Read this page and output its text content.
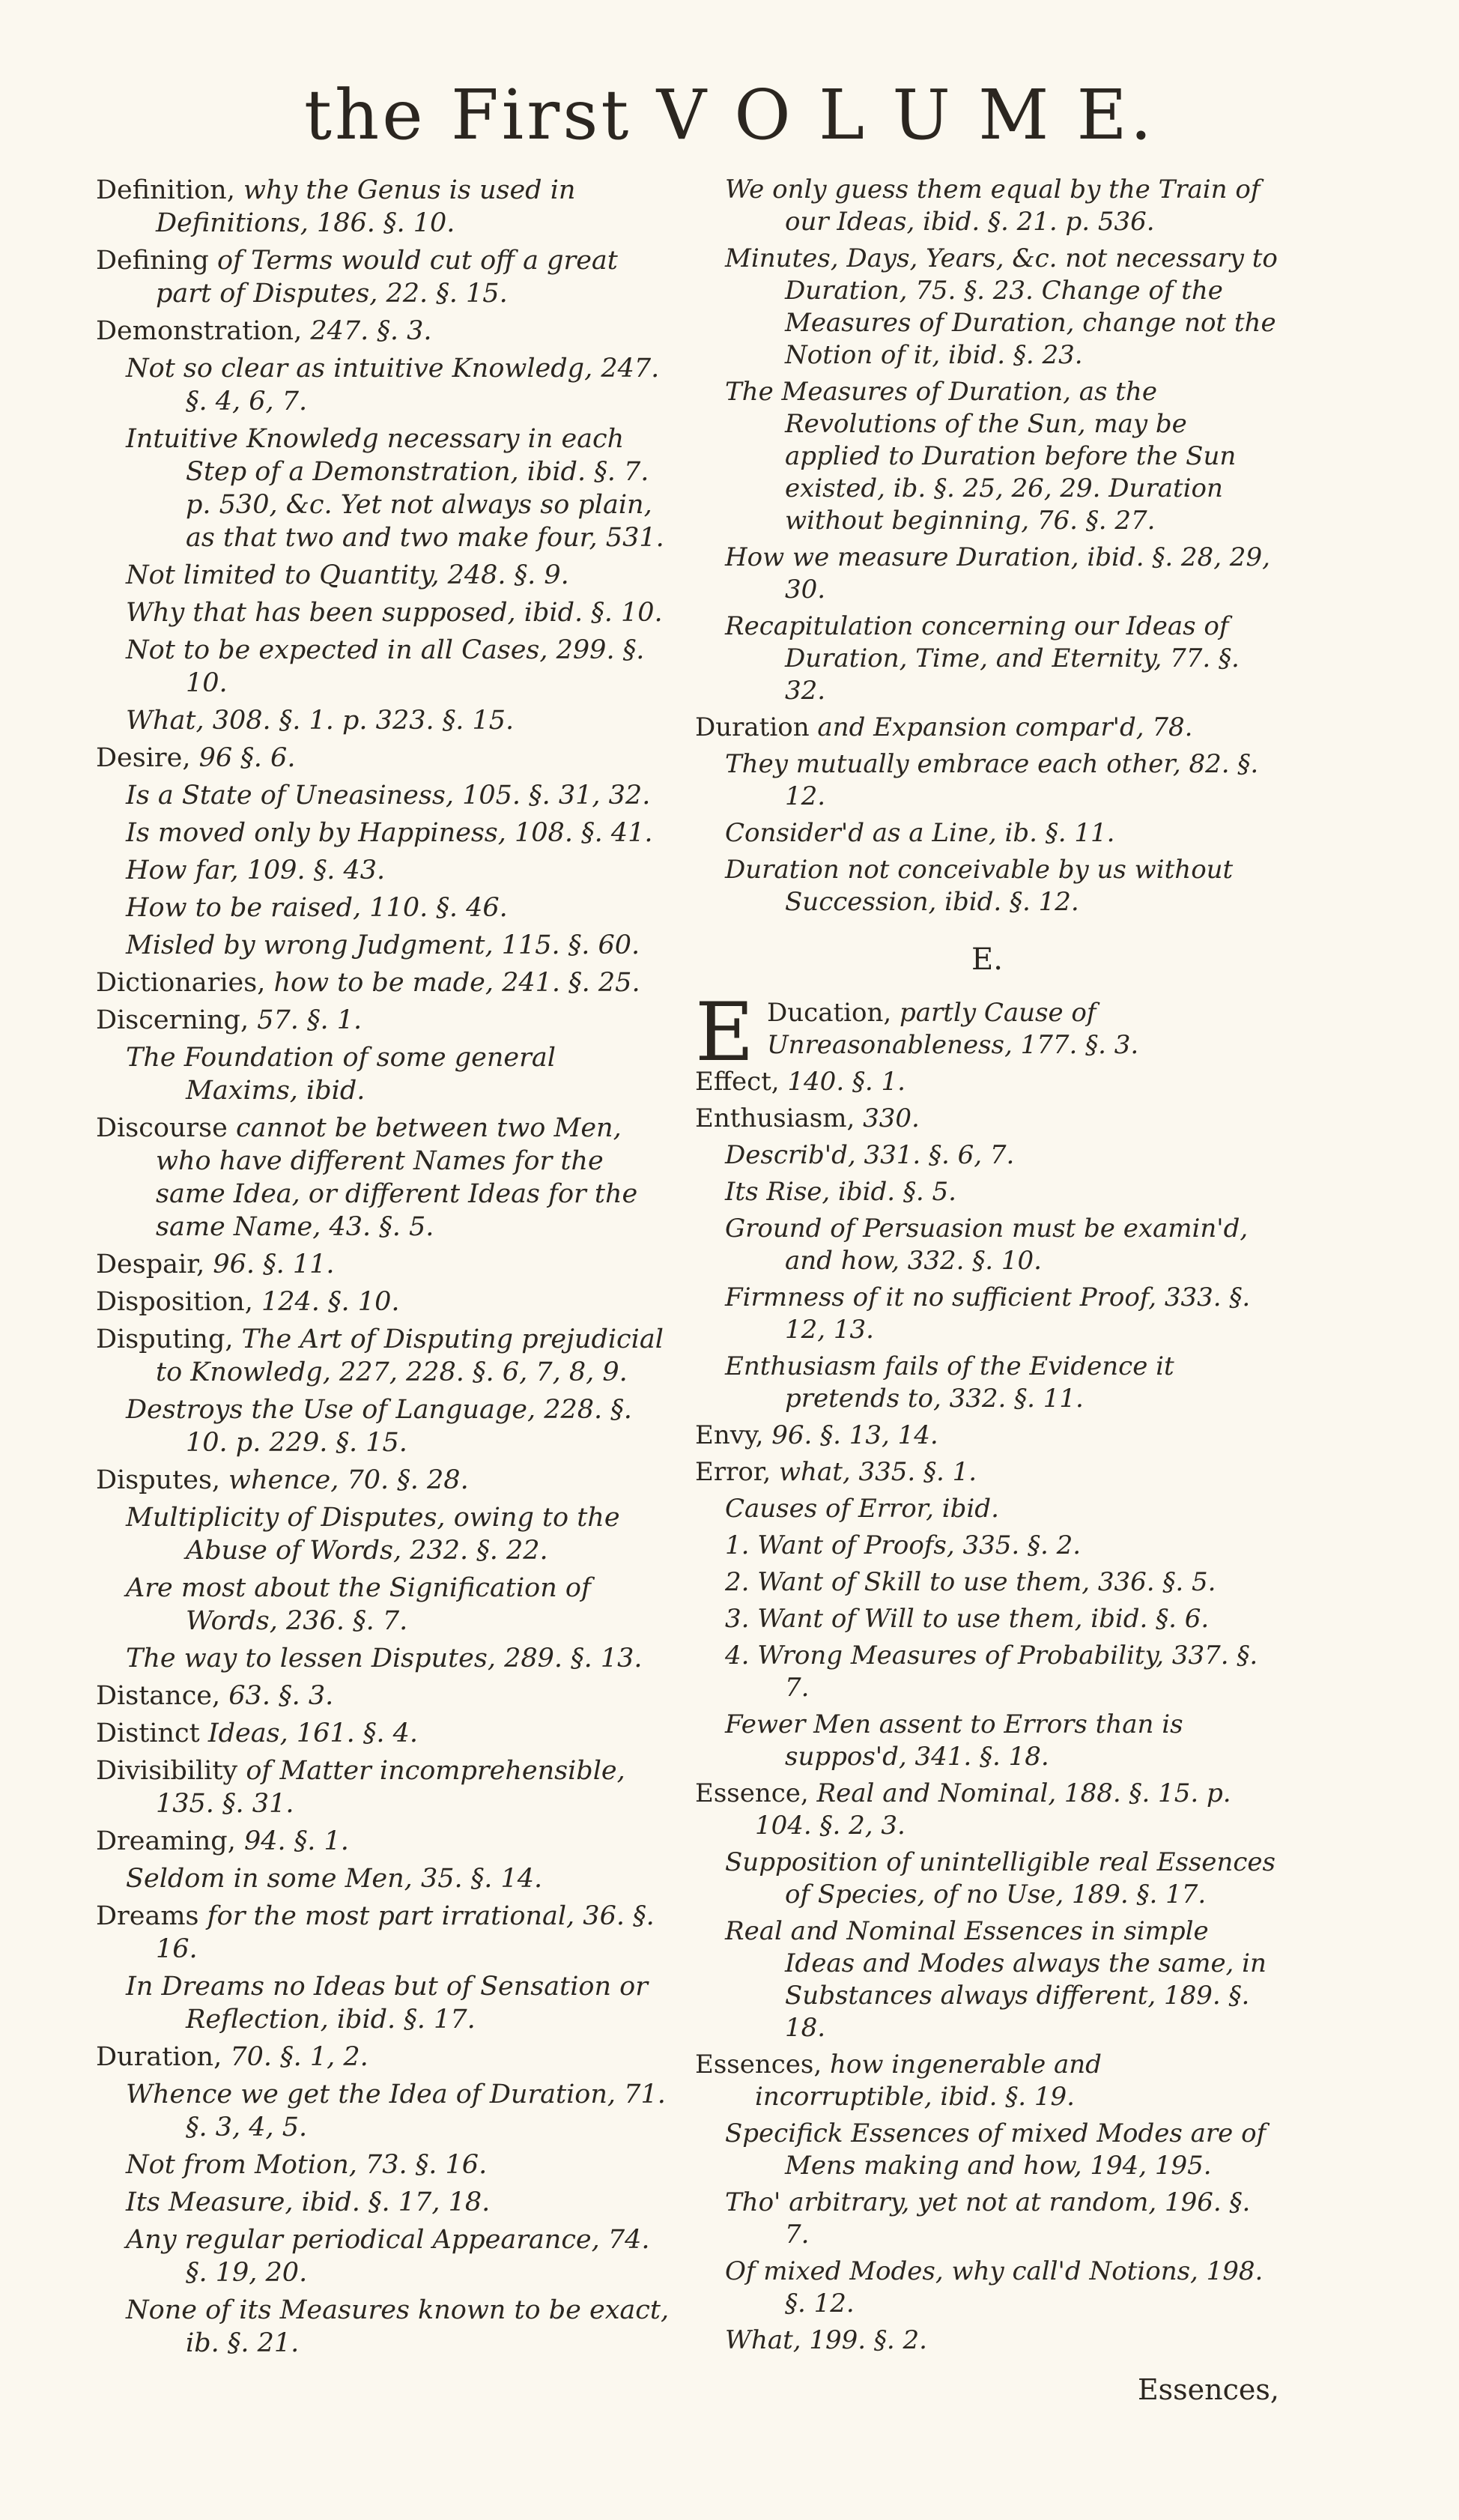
the First V O L U M E.
Definition, why the Genus is used in Definitions, 186. §. 10.
Defining of Terms would cut off a great part of Disputes, 22. §. 15.
Demonstration, 247. §. 3.
Not so clear as intuitive Knowledg, 247. §. 4, 6, 7.
Intuitive Knowledg necessary in each Step of a Demonstration, ibid. §. 7. p. 530, &c. Yet not always so plain, as that two and two make four, 531.
Not limited to Quantity, 248. §. 9.
Why that has been supposed, ibid. §. 10.
Not to be expected in all Cases, 299. §. 10.
What, 308. §. 1. p. 323. §. 15.
Desire, 96 §. 6.
Is a State of Uneasiness, 105. §. 31, 32.
Is moved only by Happiness, 108. §. 41.
How far, 109. §. 43.
How to be raised, 110. §. 46.
Misled by wrong Judgment, 115. §. 60.
Dictionaries, how to be made, 241. §. 25.
Discerning, 57. §. 1.
The Foundation of some general Maxims, ibid.
Discourse cannot be between two Men, who have different Names for the same Idea, or different Ideas for the same Name, 43. §. 5.
Despair, 96. §. 11.
Disposition, 124. §. 10.
Disputing, The Art of Disputing prejudicial to Knowledg, 227, 228. §. 6, 7, 8, 9.
Destroys the Use of Language, 228. §. 10. p. 229. §. 15.
Disputes, whence, 70. §. 28.
Multiplicity of Disputes, owing to the Abuse of Words, 232. §. 22.
Are most about the Signification of Words, 236. §. 7.
The way to lessen Disputes, 289. §. 13.
Distance, 63. §. 3.
Distinct Ideas, 161. §. 4.
Divisibility of Matter incomprehensible, 135. §. 31.
Dreaming, 94. §. 1.
Seldom in some Men, 35. §. 14.
Dreams for the most part irrational, 36. §. 16.
In Dreams no Ideas but of Sensation or Reflection, ibid. §. 17.
Duration, 70. §. 1, 2.
Whence we get the Idea of Duration, 71. §. 3, 4, 5.
Not from Motion, 73. §. 16.
Its Measure, ibid. §. 17, 18.
Any regular periodical Appearance, 74. §. 19, 20.
None of its Measures known to be exact, ib. §. 21.
We only guess them equal by the Train of our Ideas, ibid. §. 21. p. 536.
Minutes, Days, Years, &c. not necessary to Duration, 75. §. 23. Change of the Measures of Duration, change not the Notion of it, ibid. §. 23.
The Measures of Duration, as the Revolutions of the Sun, may be applied to Duration before the Sun existed, ib. §. 25, 26, 29. Duration without beginning, 76. §. 27.
How we measure Duration, ibid. §. 28, 29, 30.
Recapitulation concerning our Ideas of Duration, Time, and Eternity, 77. §. 32.
Duration and Expansion compar'd, 78.
They mutually embrace each other, 82. §. 12.
Consider'd as a Line, ib. §. 11.
Duration not conceivable by us without Succession, ibid. §. 12.
E.
E Ducation, partly Cause of Unreasonableness, 177. §. 3.
Effect, 140. §. 1.
Enthusiasm, 330.
Describ'd, 331. §. 6, 7.
Its Rise, ibid. §. 5.
Ground of Persuasion must be examin'd, and how, 332. §. 10.
Firmness of it no sufficient Proof, 333. §. 12, 13.
Enthusiasm fails of the Evidence it pretends to, 332. §. 11.
Envy, 96. §. 13, 14.
Error, what, 335. §. 1.
Causes of Error, ibid.
1. Want of Proofs, 335. §. 2.
2. Want of Skill to use them, 336. §. 5.
3. Want of Will to use them, ibid. §. 6.
4. Wrong Measures of Probability, 337. §. 7.
Fewer Men assent to Errors than is suppos'd, 341. §. 18.
Essence, Real and Nominal, 188. §. 15. p. 104. §. 2, 3.
Supposition of unintelligible real Essences of Species, of no Use, 189. §. 17.
Real and Nominal Essences in simple Ideas and Modes always the same, in Substances always different, 189. §. 18.
Essences, how ingenerable and incorruptible, ibid. §. 19.
Specifick Essences of mixed Modes are of Mens making and how, 194, 195.
Tho' arbitrary, yet not at random, 196. §. 7.
Of mixed Modes, why call'd Notions, 198. §. 12.
What, 199. §. 2.
Essences,
